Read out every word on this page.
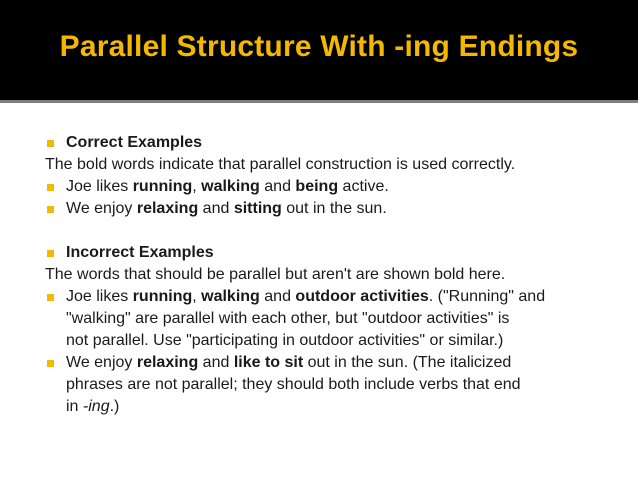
Parallel Structure With -ing Endings
Correct Examples
The bold words indicate that parallel construction is used correctly.
Joe likes running, walking and being active.
We enjoy relaxing and sitting out in the sun.
Incorrect Examples
The words that should be parallel but aren't are shown bold here.
Joe likes running, walking and outdoor activities. ("Running" and
"walking" are parallel with each other, but "outdoor activities" is
not parallel. Use "participating in outdoor activities" or similar.)
We enjoy relaxing and like to sit out in the sun. (The italicized
phrases are not parallel; they should both include verbs that end
in -ing.)
